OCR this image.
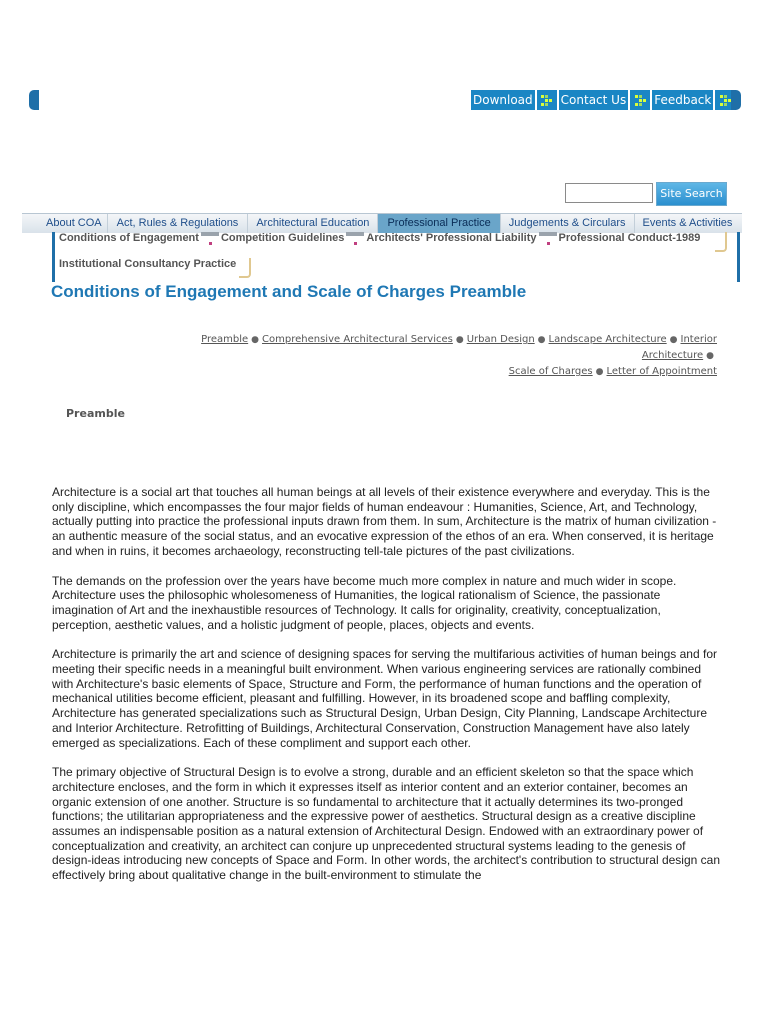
Download Contact Us Feedback
Site Search
About COA	Act, Rules & Regulations	Architectural Education	Professional Practice	Judgements & Circulars	Events & Activities
Conditions of Engagement Competition Guidelines Architects' Professional Liability Professional Conduct-1989
Institutional Consultancy Practice
Conditions of Engagement and Scale of Charges Preamble
Preamble ● Comprehensive Architectural Services ● Urban Design ● Landscape Architecture ● Interior Architecture ●
Scale of Charges ● Letter of Appointment
Preamble

Architecture is a social art that touches all human beings at all levels of their existence everywhere and everyday. This is the only discipline, which encompasses the four major fields of human endeavour : Humanities, Science, Art, and Technology, actually putting into practice the professional inputs drawn from them. In sum, Architecture is the matrix of human civilization - an authentic measure of the social status, and an evocative expression of the ethos of an era. When conserved, it is heritage and when in ruins, it becomes archaeology, reconstructing tell-tale pictures of the past civilizations.

The demands on the profession over the years have become much more complex in nature and much wider in scope. Architecture uses the philosophic wholesomeness of Humanities, the logical rationalism of Science, the passionate imagination of Art and the inexhaustible resources of Technology. It calls for originality, creativity, conceptualization, perception, aesthetic values, and a holistic judgment of people, places, objects and events.

Architecture is primarily the art and science of designing spaces for serving the multifarious activities of human beings and for meeting their specific needs in a meaningful built environment. When various engineering services are rationally combined with Architecture's basic elements of Space, Structure and Form, the performance of human functions and the operation of mechanical utilities become efficient, pleasant and fulfilling. However, in its broadened scope and baffling complexity, Architecture has generated specializations such as Structural Design, Urban Design, City Planning, Landscape Architecture and Interior Architecture. Retrofitting of Buildings, Architectural Conservation, Construction Management have also lately emerged as specializations. Each of these compliment and support each other.

The primary objective of Structural Design is to evolve a strong, durable and an efficient skeleton so that the space which architecture encloses, and the form in which it expresses itself as interior content and an exterior container, becomes an organic extension of one another. Structure is so fundamental to architecture that it actually determines its two-pronged functions; the utilitarian appropriateness and the expressive power of aesthetics. Structural design as a creative discipline assumes an indispensable position as a natural extension of Architectural Design. Endowed with an extraordinary power of conceptualization and creativity, an architect can conjure up unprecedented structural systems leading to the genesis of design-ideas introducing new concepts of Space and Form. In other words, the architect's contribution to structural design can effectively bring about qualitative change in the built-environment to stimulate the
